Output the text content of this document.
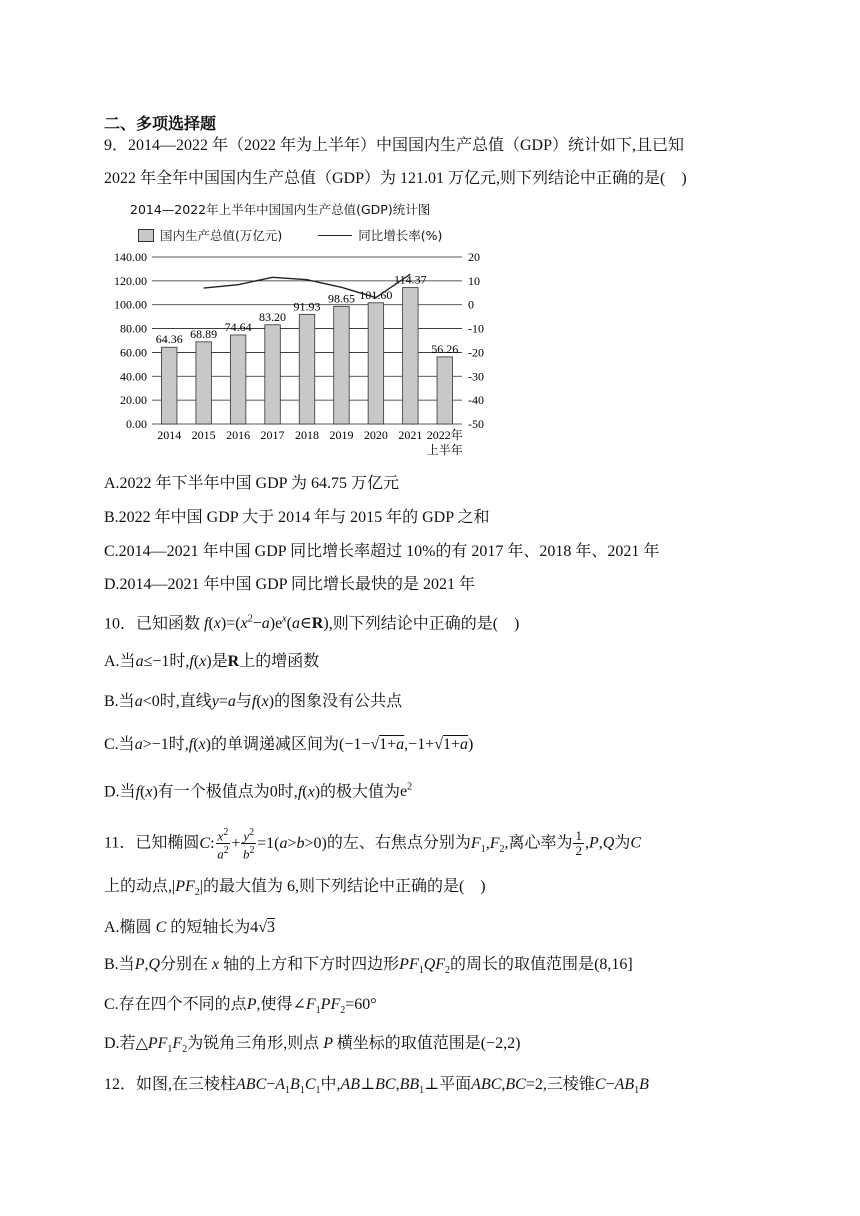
二、多项选择题
9．2014—2022 年（2022 年为上半年）中国国内生产总值（GDP）统计如下,且已知
2022 年全年中国国内生产总值（GDP）为 121.01 万亿元,则下列结论中正确的是(　)
2014—2022年上半年中国国内生产总值(GDP)统计图
国内生产总值(万亿元)	同比增长率(%)
0.00
20.00
40.00
60.00
80.00
100.00
120.00
140.00
-50
-40
-30
-20
-10
0
10
20
64.36 68.89 74.64
83.20
91.93
98.65 101.60
114.37
56.26
2014 2015 2016 2017 2018 2019 2020 2021 2022年
上半年
A.2022 年下半年中国 GDP 为 64.75 万亿元
B.2022 年中国 GDP 大于 2014 年与 2015 年的 GDP 之和
C.2014—2021 年中国 GDP 同比增长率超过 10%的有 2017 年、2018 年、2021 年
D.2014—2021 年中国 GDP 同比增长最快的是 2021 年
10．已知函数 $f(x)=(x^2-a)e^x(a\in R)$,则下列结论中正确的是(　)
A.当a≤−1时,f(x)是R上的增函数
B.当a<0时,直线y=a与f(x)的图象没有公共点
C.当a>−1时,f(x)的单调递减区间为(−1−√1+a,−1+√1+a)
D.当f(x)有一个极值点为0时,f(x)的极大值为$e^2$
11．已知椭圆C: $\frac{x^2}{a^2} + \frac{y^2}{b^2} =1(a>b>0)$的左、右焦点分别为$F_1,F_2$,离心率为 $\frac{1}{2} ,P,Q$为C
上的动点$,|PF_2|$的最大值为 6,则下列结论中正确的是(　)
A.椭圆 C 的短轴长为4√3
B.当P,Q分别在 x 轴的上方和下方时四边形$PF_1QF_2$的周长的取值范围是(8,16]
C.存在四个不同的点P,使得$\angle F_1PF_2=60^\circ$
D.若$\triangle PF_1F_2$为锐角三角形,则点 P 横坐标的取值范围是(−2,2)
12．如图,在三棱柱$ABC-A_1B_1C_1$中$,AB\perp BC,BB_1\perp$平面ABC,BC=2,三棱锥$C-AB_1B$
